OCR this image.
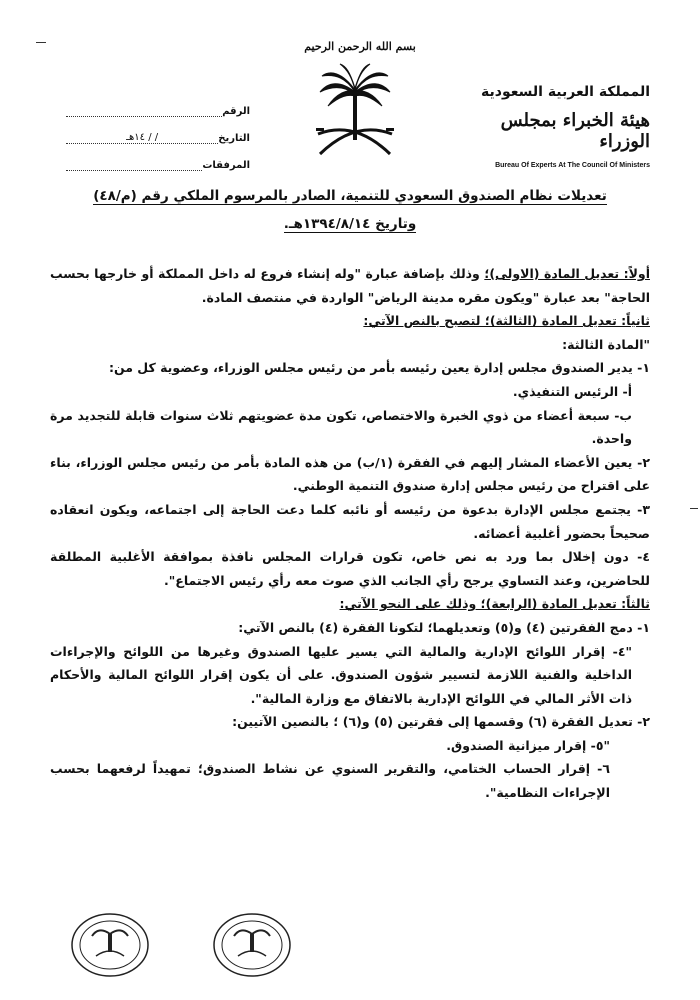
بسم الله الرحمن الرحيم
المملكة العربية السعودية
هيئة الخبراء بمجلس الوزراء
Bureau Of Experts At The Council Of Ministers
الرقم
التاريخ
/ / ١٤هـ
المرفقات
تعديلات نظام الصندوق السعودي للتنمية، الصادر بالمرسوم الملكي رقم (م/٤٨)
وتاريخ ١٣٩٤/٨/١٤هـ.

أولاً: تعديل المادة (الاولى)؛ وذلك بإضافة عبارة "وله إنشاء فروع له داخل المملكة أو خارجها بحسب الحاجة" بعد عبارة "ويكون مقره مدينة الرياض" الواردة في منتصف المادة.

ثانياً: تعديل المادة (الثالثة)؛ لتصبح بالنص الآتي:

"المادة الثالثة:

١- يدير الصندوق مجلس إدارة يعين رئيسه بأمر من رئيس مجلس الوزراء، وعضوية كل من:

أ- الرئيس التنفيذي.

ب- سبعة أعضاء من ذوي الخبرة والاختصاص، تكون مدة عضويتهم ثلاث سنوات قابلة للتجديد مرة واحدة.

٢- يعين الأعضاء المشار إليهم في الفقرة (١/ب) من هذه المادة بأمر من رئيس مجلس الوزراء، بناء على اقتراح من رئيس مجلس إدارة صندوق التنمية الوطني.

٣- يجتمع مجلس الإدارة بدعوة من رئيسه أو نائبه كلما دعت الحاجة إلى اجتماعه، ويكون انعقاده صحيحاً بحضور أغلبية أعضائه.

٤- دون إخلال بما ورد به نص خاص، تكون قرارات المجلس نافذة بموافقة الأغلبية المطلقة للحاضرين، وعند التساوي يرجح رأي الجانب الذي صوت معه رأي رئيس الاجتماع".

ثالثاً: تعديل المادة (الرابعة)؛ وذلك على النحو الآتي:

١- دمج الفقرتين (٤) و(٥) وتعديلهما؛ لتكونا الفقرة (٤) بالنص الآتي:

"٤- إقرار اللوائح الإدارية والمالية التي يسير عليها الصندوق وغيرها من اللوائح والإجراءات الداخلية والفنية اللازمة لتسيير شؤون الصندوق. على أن يكون إقرار اللوائح المالية والأحكام ذات الأثر المالي في اللوائح الإدارية بالاتفاق مع وزارة المالية".

٢- تعديل الفقرة (٦) وقسمها إلى فقرتين (٥) و(٦) ؛ بالنصين الآتيين:

"٥- إقرار ميزانية الصندوق.

٦- إقرار الحساب الختامي، والتقرير السنوي عن نشاط الصندوق؛ تمهيداً لرفعهما بحسب الإجراءات النظامية".
